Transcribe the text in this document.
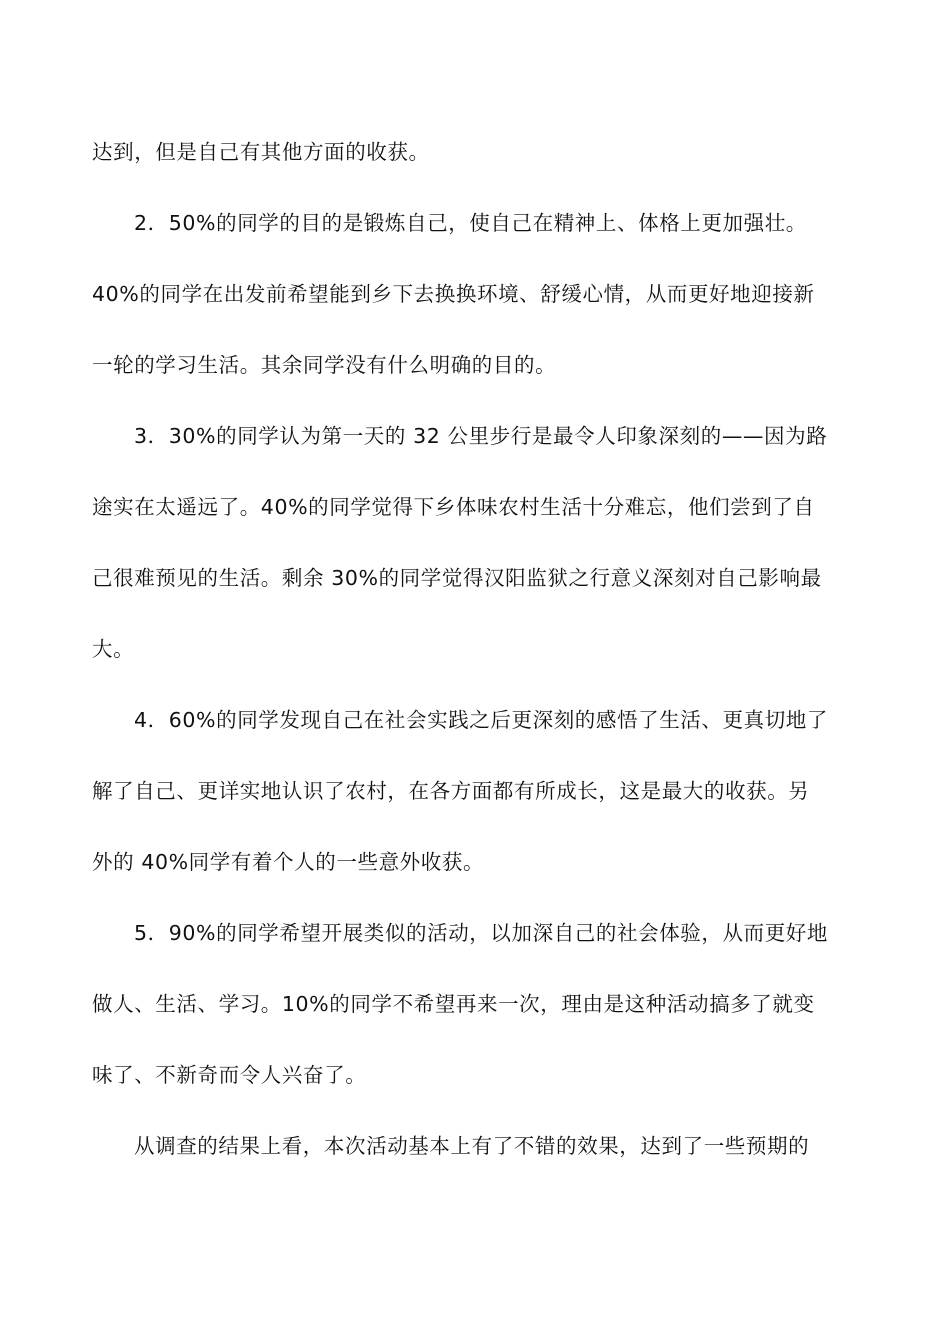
达到，但是自己有其他方面的收获。
2．50%的同学的目的是锻炼自己，使自己在精神上、体格上更加强壮。
40%的同学在出发前希望能到乡下去换换环境、舒缓心情，从而更好地迎接新
一轮的学习生活。其余同学没有什么明确的目的。
3．30%的同学认为第一天的 32 公里步行是最令人印象深刻的——因为路
途实在太遥远了。40%的同学觉得下乡体味农村生活十分难忘，他们尝到了自
己很难预见的生活。剩余 30%的同学觉得汉阳监狱之行意义深刻对自己影响最
大。
4．60%的同学发现自己在社会实践之后更深刻的感悟了生活、更真切地了
解了自己、更详实地认识了农村，在各方面都有所成长，这是最大的收获。另
外的 40%同学有着个人的一些意外收获。
5．90%的同学希望开展类似的活动，以加深自己的社会体验，从而更好地
做人、生活、学习。10%的同学不希望再来一次，理由是这种活动搞多了就变
味了、不新奇而令人兴奋了。
从调查的结果上看，本次活动基本上有了不错的效果，达到了一些预期的
